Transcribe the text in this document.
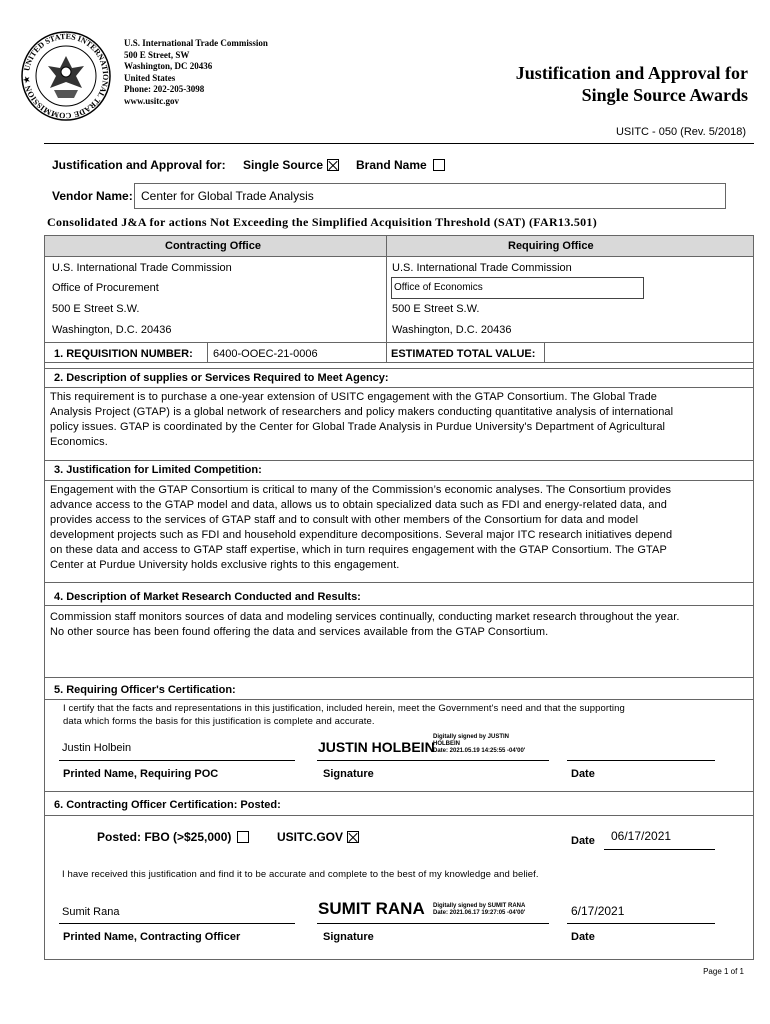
UNITED STATES INTERNATIONAL TRADE COMMISSION ★
U.S. International Trade Commission
500 E Street, SW
Washington, DC 20436
United States
Phone: 202-205-3098
www.usitc.gov
Justification and Approval for
Single Source Awards
USITC - 050 (Rev. 5/2018)
Justification and Approval for: Single Source	Brand Name
Vendor Name: Center for Global Trade Analysis
Consolidated J&A for actions Not Exceeding the Simplified Acquisition Threshold (SAT) (FAR13.501)
Contracting Office	Requiring Office
U.S. International Trade Commission
Office of Procurement
500 E Street S.W.
Washington, D.C. 20436
U.S. International Trade Commission
Office of Economics
500 E Street S.W.
Washington, D.C. 20436
1. REQUISITION NUMBER: 6400-OOEC-21-0006	ESTIMATED TOTAL VALUE:
2. Description of supplies or Services Required to Meet Agency:
This requirement is to purchase a one-year extension of USITC engagement with the GTAP Consortium. The Global Trade
Analysis Project (GTAP) is a global network of researchers and policy makers conducting quantitative analysis of international
policy issues. GTAP is coordinated by the Center for Global Trade Analysis in Purdue University's Department of Agricultural
Economics.
3. Justification for Limited Competition:
Engagement with the GTAP Consortium is critical to many of the Commission’s economic analyses. The Consortium provides
advance access to the GTAP model and data, allows us to obtain specialized data such as FDI and energy-related data, and
provides access to the services of GTAP staff and to consult with other members of the Consortium for data and model
development projects such as FDI and household expenditure decompositions. Several major ITC research initiatives depend
on these data and access to GTAP staff expertise, which in turn requires engagement with the GTAP Consortium. The GTAP
Center at Purdue University holds exclusive rights to this engagement.
4. Description of Market Research Conducted and Results:
Commission staff monitors sources of data and modeling services continually, conducting market research throughout the year.
No other source has been found offering the data and services available from the GTAP Consortium.
5. Requiring Officer's Certification:
I certify that the facts and representations in this justification, included herein, meet the Government's need and that the supporting
data which forms the basis for this justification is complete and accurate.
Justin Holbein	JUSTIN HOLBEIN
Digitally signed by JUSTIN
HOLBEIN
Date: 2021.05.19 14:25:55 -04'00'
Printed Name, Requiring POC	Signature	Date
6. Contracting Officer Certification: Posted:
Posted: FBO (>$25,000)	USITC.GOV	Date 06/17/2021
I have received this justification and find it to be accurate and complete to the best of my knowledge and belief.
Sumit Rana	SUMIT RANA Digitally signed by SUMIT RANA
Date: 2021.06.17 19:27:05 -04'00'	6/17/2021
Printed Name, Contracting Officer	Signature	Date
Page 1 of 1
